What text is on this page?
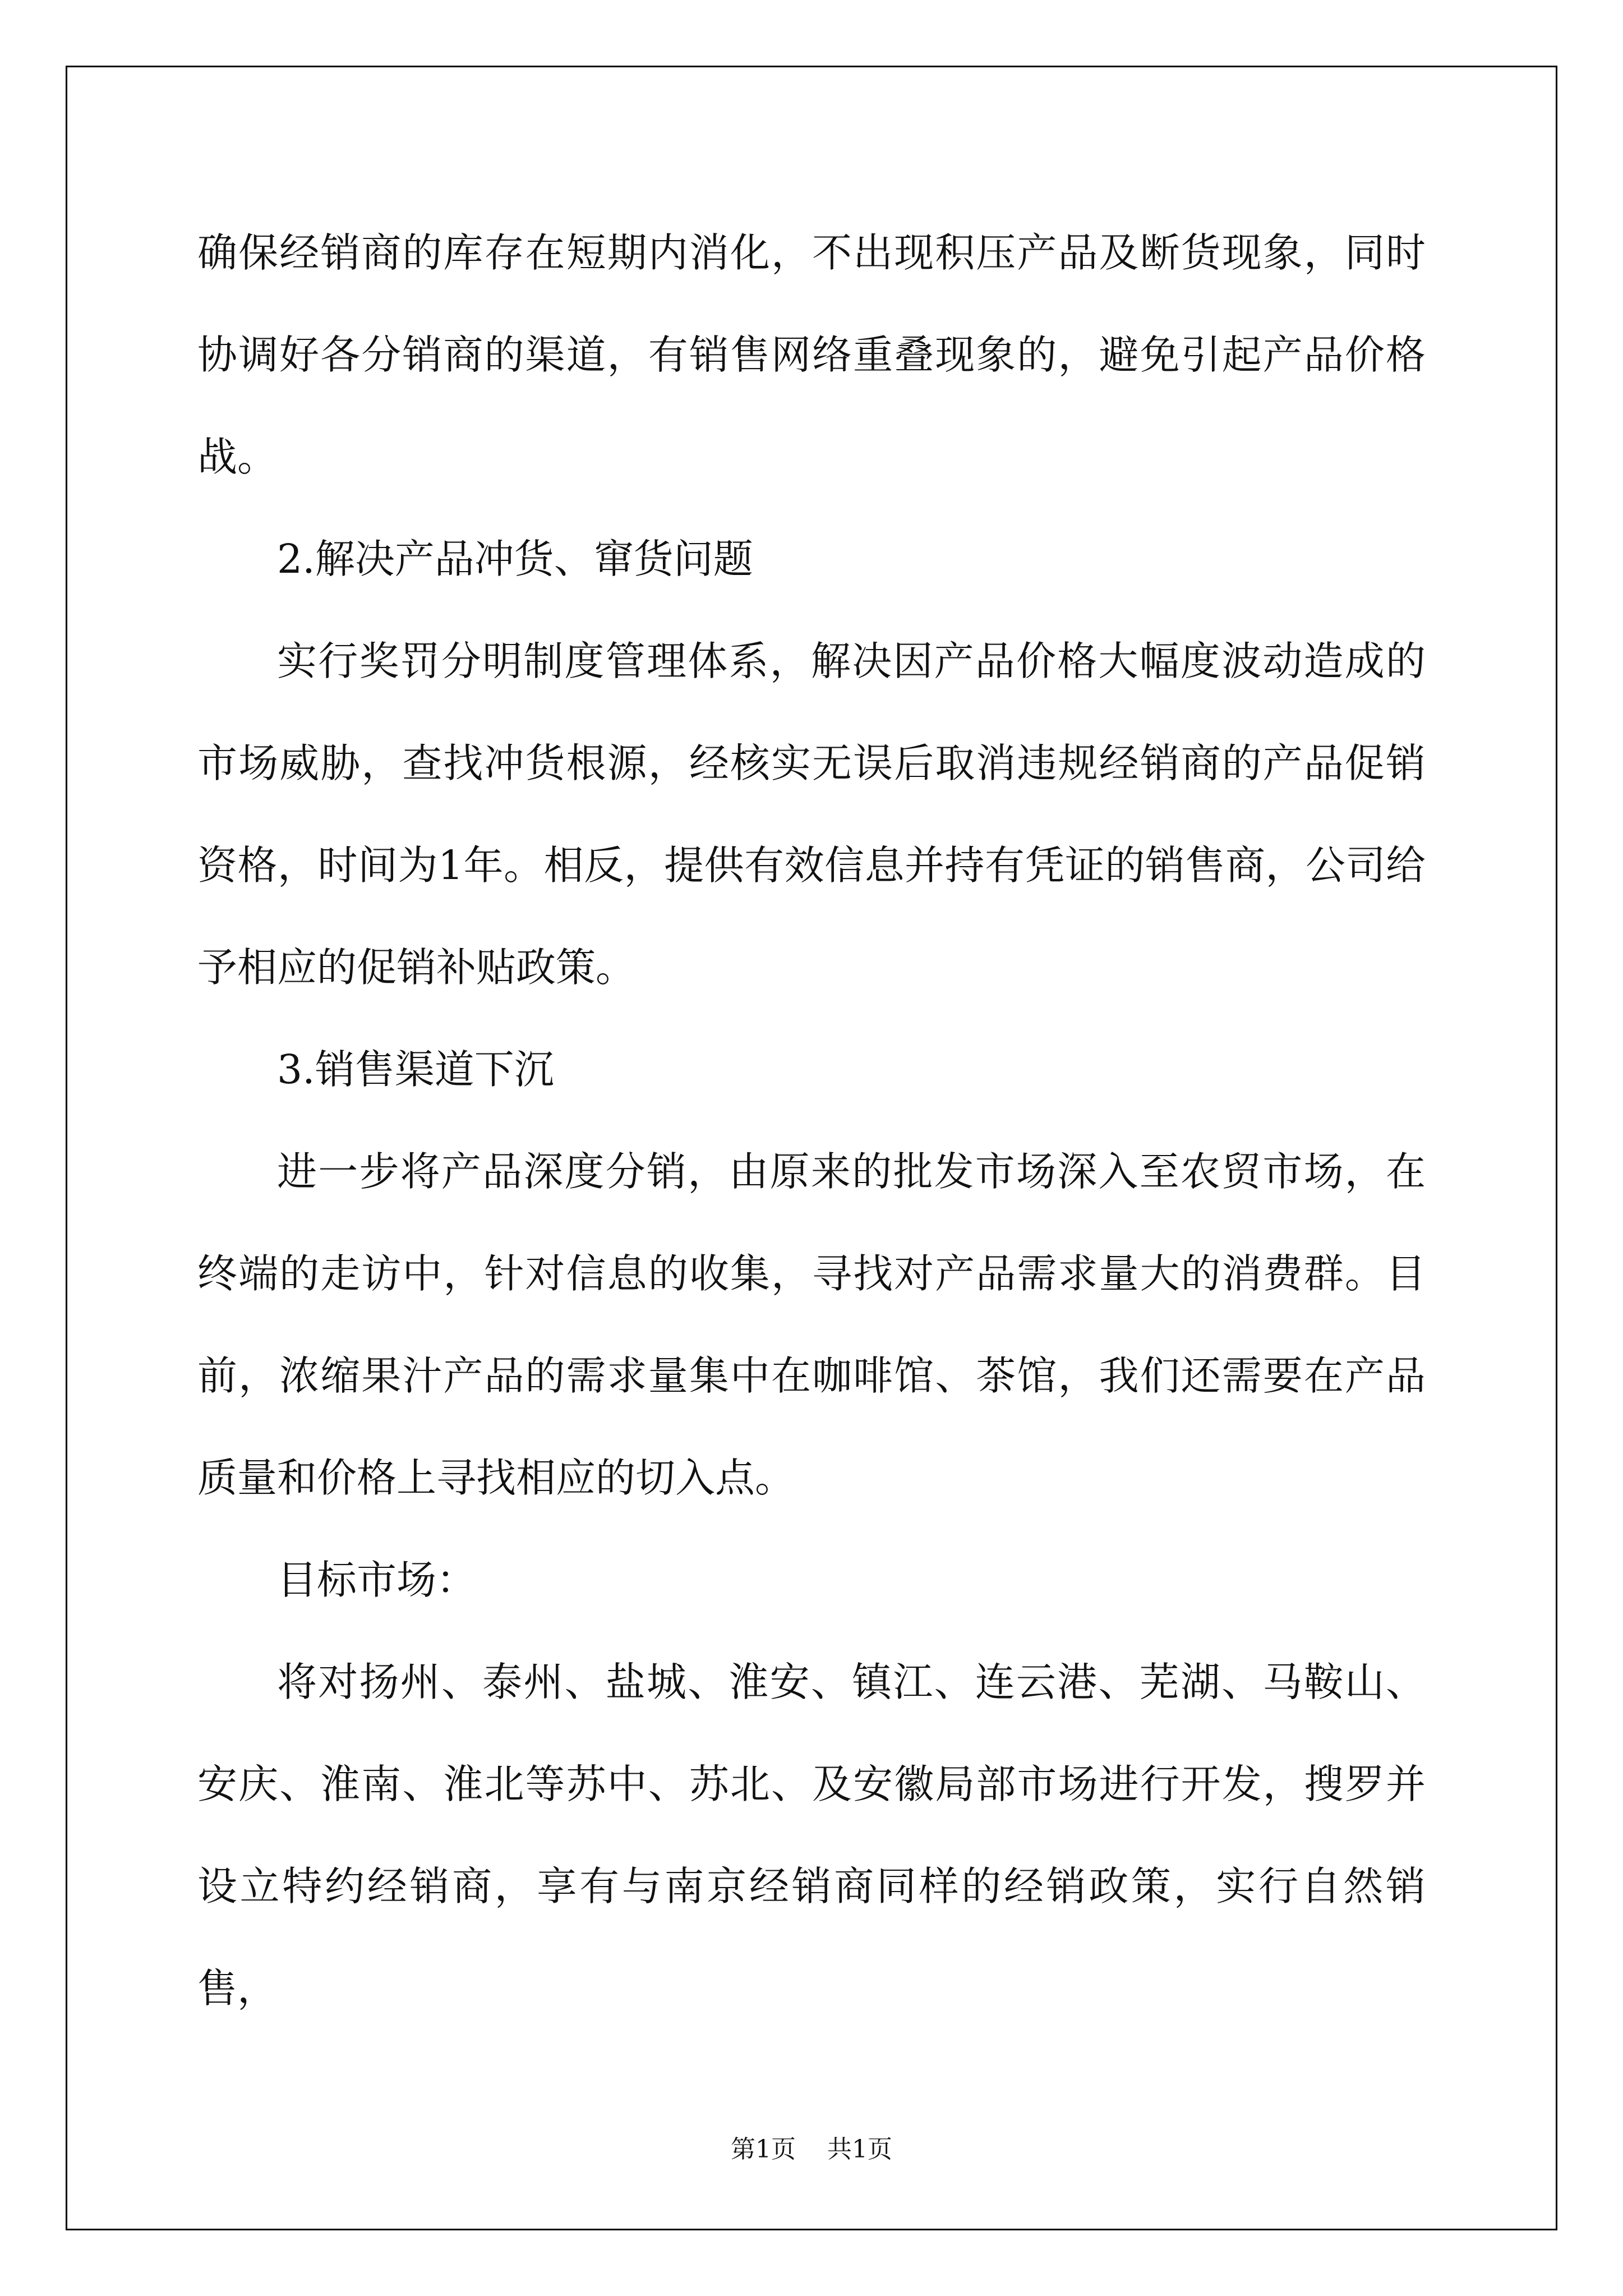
确保经销商的库存在短期内消化，不出现积压产品及断货现象，同时协调好各分销商的渠道，有销售网络重叠现象的，避免引起产品价格战。

2.解决产品冲货、窜货问题

实行奖罚分明制度管理体系，解决因产品价格大幅度波动造成的市场威胁，查找冲货根源，经核实无误后取消违规经销商的产品促销资格，时间为1年。相反，提供有效信息并持有凭证的销售商，公司给予相应的促销补贴政策。

3.销售渠道下沉

进一步将产品深度分销，由原来的批发市场深入至农贸市场，在终端的走访中，针对信息的收集，寻找对产品需求量大的消费群。目前，浓缩果汁产品的需求量集中在咖啡馆、茶馆，我们还需要在产品质量和价格上寻找相应的切入点。

目标市场：

将对扬州、泰州、盐城、淮安、镇江、连云港、芜湖、马鞍山、安庆、淮南、淮北等苏中、苏北、及安徽局部市场进行开发，搜罗并设立特约经销商，享有与南京经销商同样的经销政策，实行自然销售，

第1页 共1页
